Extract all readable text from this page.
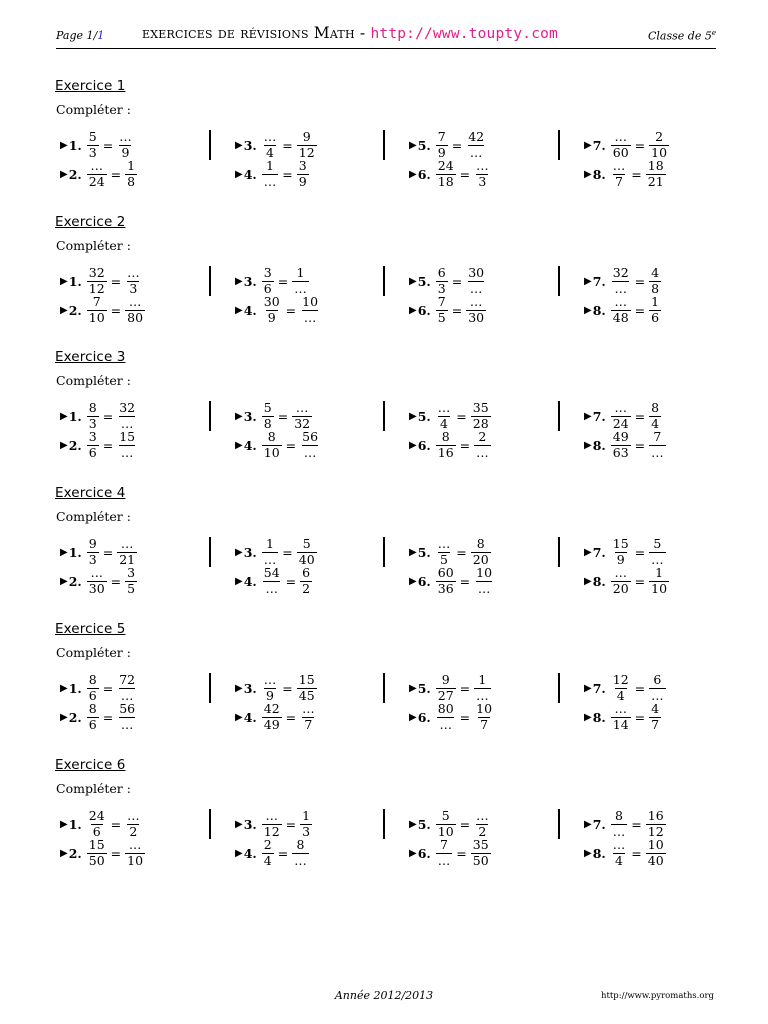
Page 1/1 exercices de révisions Math - http://www.toupty.com	Classe de 5e
Exercice 1
Compléter :
▶ 1. $\frac{5}{3} = \frac{\dots}{9}$
▶ 2. $\frac{\dots}{24} = \frac{1}{8}$
▶ 3. $\frac{\dots}{4} = \frac{9}{12}$
▶ 4. $\frac{1}{\dots} = \frac{3}{9}$
▶ 5. $\frac{7}{9} = \frac{42}{\dots}$
▶ 6. $\frac{24}{18} = \frac{\dots}{3}$
▶ 7. $\frac{\dots}{60} = \frac{2}{10}$
▶ 8. $\frac{\dots}{7} = \frac{18}{21}$
Exercice 2
Compléter :
▶ 1. $\frac{32}{12} = \frac{\dots}{3}$
▶ 2. $\frac{7}{10} = \frac{\dots}{80}$
▶ 3. $\frac{3}{6} = \frac{1}{\dots}$
▶ 4. $\frac{30}{9} = \frac{10}{\dots}$
▶ 5. $\frac{6}{3} = \frac{30}{\dots}$
▶ 6. $\frac{7}{5} = \frac{\dots}{30}$
▶ 7. $\frac{32}{\dots} = \frac{4}{8}$
▶ 8. $\frac{\dots}{48} = \frac{1}{6}$
Exercice 3
Compléter :
▶ 1. $\frac{8}{3} = \frac{32}{\dots}$
▶ 2. $\frac{3}{6} = \frac{15}{\dots}$
▶ 3. $\frac{5}{8} = \frac{\dots}{32}$
▶ 4. $\frac{8}{10} = \frac{56}{\dots}$
▶ 5. $\frac{\dots}{4} = \frac{35}{28}$
▶ 6. $\frac{8}{16} = \frac{2}{\dots}$
▶ 7. $\frac{\dots}{24} = \frac{8}{4}$
▶ 8. $\frac{49}{63} = \frac{7}{\dots}$
Exercice 4
Compléter :
▶ 1. $\frac{9}{3} = \frac{\dots}{21}$
▶ 2. $\frac{\dots}{30} = \frac{3}{5}$
▶ 3. $\frac{1}{\dots} = \frac{5}{40}$
▶ 4. $\frac{54}{\dots} = \frac{6}{2}$
▶ 5. $\frac{\dots}{5} = \frac{8}{20}$
▶ 6. $\frac{60}{36} = \frac{10}{\dots}$
▶ 7. $\frac{15}{9} = \frac{5}{\dots}$
▶ 8. $\frac{\dots}{20} = \frac{1}{10}$
Exercice 5
Compléter :
▶ 1. $\frac{8}{6} = \frac{72}{\dots}$
▶ 2. $\frac{8}{6} = \frac{56}{\dots}$
▶ 3. $\frac{\dots}{9} = \frac{15}{45}$
▶ 4. $\frac{42}{49} = \frac{\dots}{7}$
▶ 5. $\frac{9}{27} = \frac{1}{\dots}$
▶ 6. $\frac{80}{\dots} = \frac{10}{7}$
▶ 7. $\frac{12}{4} = \frac{6}{\dots}$
▶ 8. $\frac{\dots}{14} = \frac{4}{7}$
Exercice 6
Compléter :
▶ 1. $\frac{24}{6} = \frac{\dots}{2}$
▶ 2. $\frac{15}{50} = \frac{\dots}{10}$
▶ 3. $\frac{\dots}{12} = \frac{1}{3}$
▶ 4. $\frac{2}{4} = \frac{8}{\dots}$
▶ 5. $\frac{5}{10} = \frac{\dots}{2}$
▶ 6. $\frac{7}{\dots} = \frac{35}{50}$
▶ 7. $\frac{8}{\dots} = \frac{16}{12}$
▶ 8. $\frac{\dots}{4} = \frac{10}{40}$
Année 2012/2013	http://www.pyromaths.org
